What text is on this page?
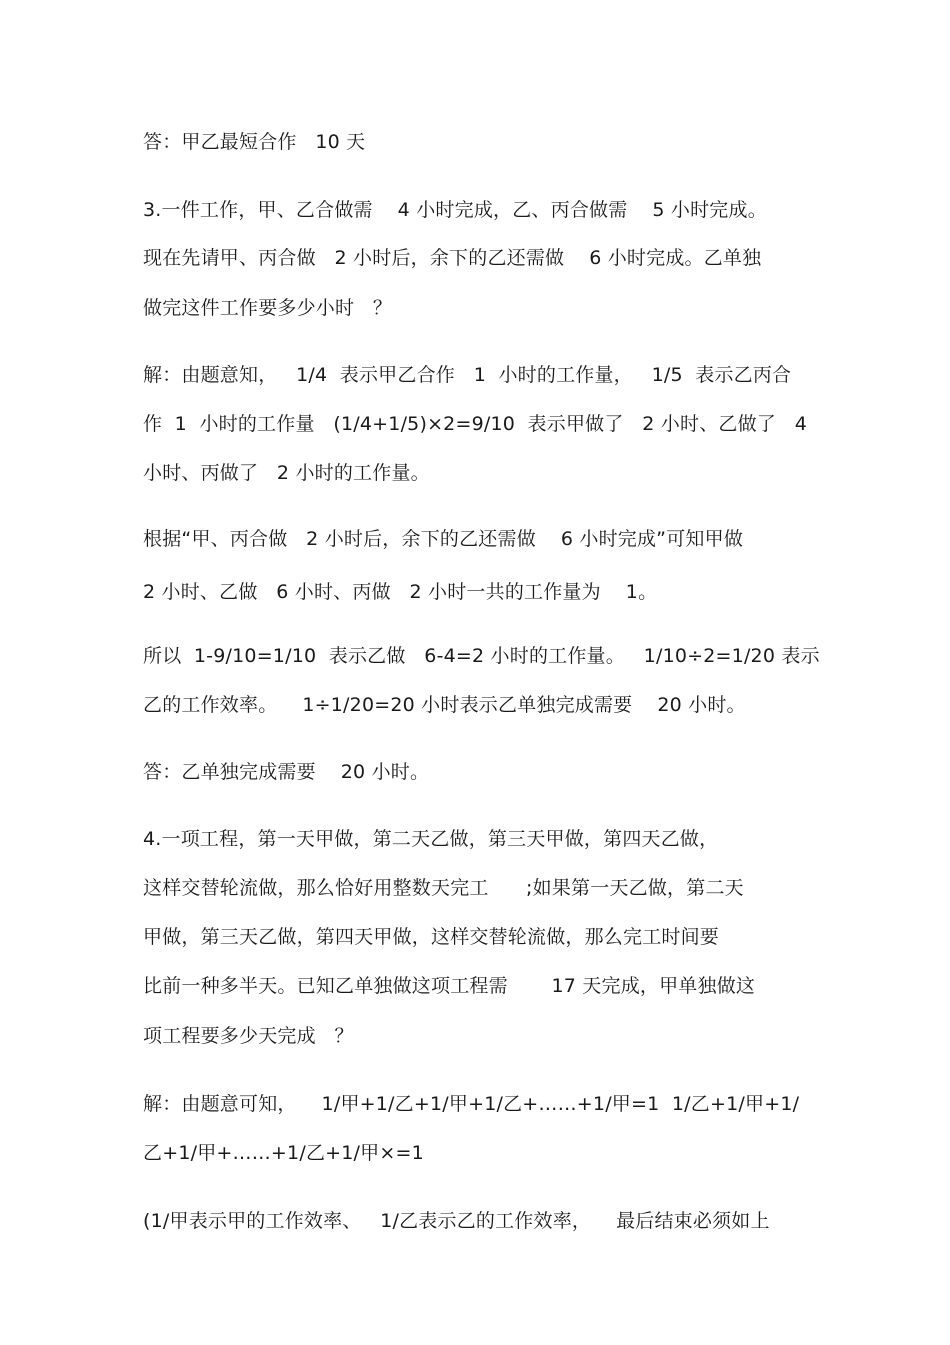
答：甲乙最短合作   10 天
3.一件工作，甲、乙合做需    4 小时完成，乙、丙合做需    5 小时完成。
现在先请甲、丙合做   2 小时后，余下的乙还需做    6 小时完成。乙单独
做完这件工作要多少小时   ？
解：由题意知，   1/4  表示甲乙合作   1  小时的工作量，   1/5  表示乙丙合
作  1  小时的工作量   (1/4+1/5)×2=9/10  表示甲做了   2 小时、乙做了   4
小时、丙做了   2 小时的工作量。
根据“甲、丙合做   2 小时后，余下的乙还需做    6 小时完成”可知甲做
2 小时、乙做   6 小时、丙做   2 小时一共的工作量为    1。
所以  1-9/10=1/10  表示乙做   6-4=2 小时的工作量。   1/10÷2=1/20 表示
乙的工作效率。    1÷1/20=20 小时表示乙单独完成需要    20 小时。
答：乙单独完成需要    20 小时。
4.一项工程，第一天甲做，第二天乙做，第三天甲做，第四天乙做，
这样交替轮流做，那么恰好用整数天完工      ;如果第一天乙做，第二天
甲做，第三天乙做，第四天甲做，这样交替轮流做，那么完工时间要
比前一种多半天。已知乙单独做这项工程需       17 天完成，甲单独做这
项工程要多少天完成   ？
解：由题意可知，    1/甲+1/乙+1/甲+1/乙+……+1/甲=1  1/乙+1/甲+1/
乙+1/甲+……+1/乙+1/甲×=1
(1/甲表示甲的工作效率、   1/乙表示乙的工作效率，    最后结束必须如上
